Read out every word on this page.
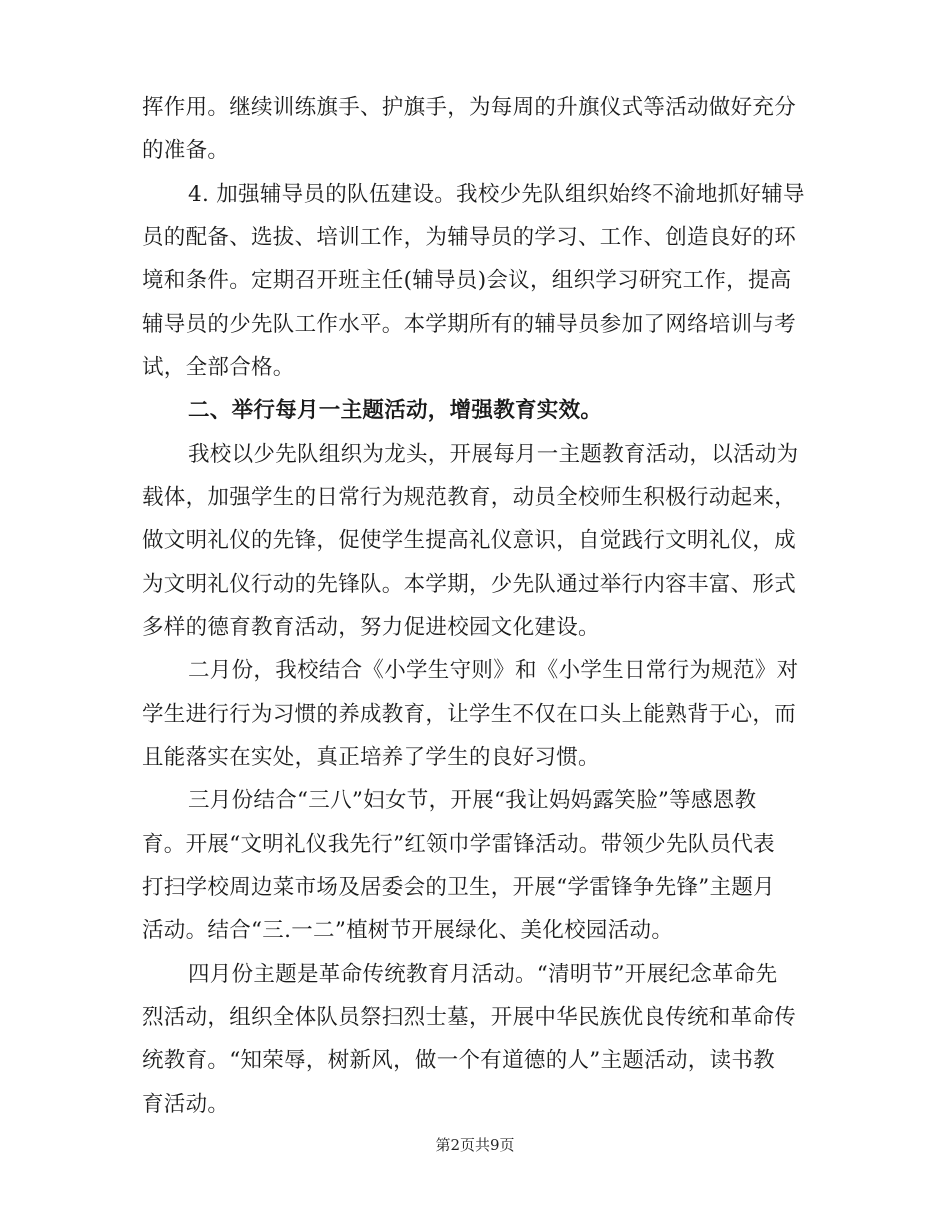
挥作用。继续训练旗手、护旗手，为每周的升旗仪式等活动做好充分
的准备。
4. 加强辅导员的队伍建设。我校少先队组织始终不渝地抓好辅导
员的配备、选拔、培训工作，为辅导员的学习、工作、创造良好的环
境和条件。定期召开班主任(辅导员)会议，组织学习研究工作，提高
辅导员的少先队工作水平。本学期所有的辅导员参加了网络培训与考
试，全部合格。
二、举行每月一主题活动，增强教育实效。
我校以少先队组织为龙头，开展每月一主题教育活动，以活动为
载体，加强学生的日常行为规范教育，动员全校师生积极行动起来，
做文明礼仪的先锋，促使学生提高礼仪意识，自觉践行文明礼仪，成
为文明礼仪行动的先锋队。本学期，少先队通过举行内容丰富、形式
多样的德育教育活动，努力促进校园文化建设。
二月份，我校结合《小学生守则》和《小学生日常行为规范》对
学生进行行为习惯的养成教育，让学生不仅在口头上能熟背于心，而
且能落实在实处，真正培养了学生的良好习惯。
三月份结合“三八”妇女节，开展“我让妈妈露笑脸”等感恩教
育。开展“文明礼仪我先行”红领巾学雷锋活动。带领少先队员代表
打扫学校周边菜市场及居委会的卫生，开展“学雷锋争先锋”主题月
活动。结合“三.一二”植树节开展绿化、美化校园活动。
四月份主题是革命传统教育月活动。“清明节”开展纪念革命先
烈活动，组织全体队员祭扫烈士墓，开展中华民族优良传统和革命传
统教育。“知荣辱，树新风，做一个有道德的人”主题活动，读书教
育活动。
第2页共9页
